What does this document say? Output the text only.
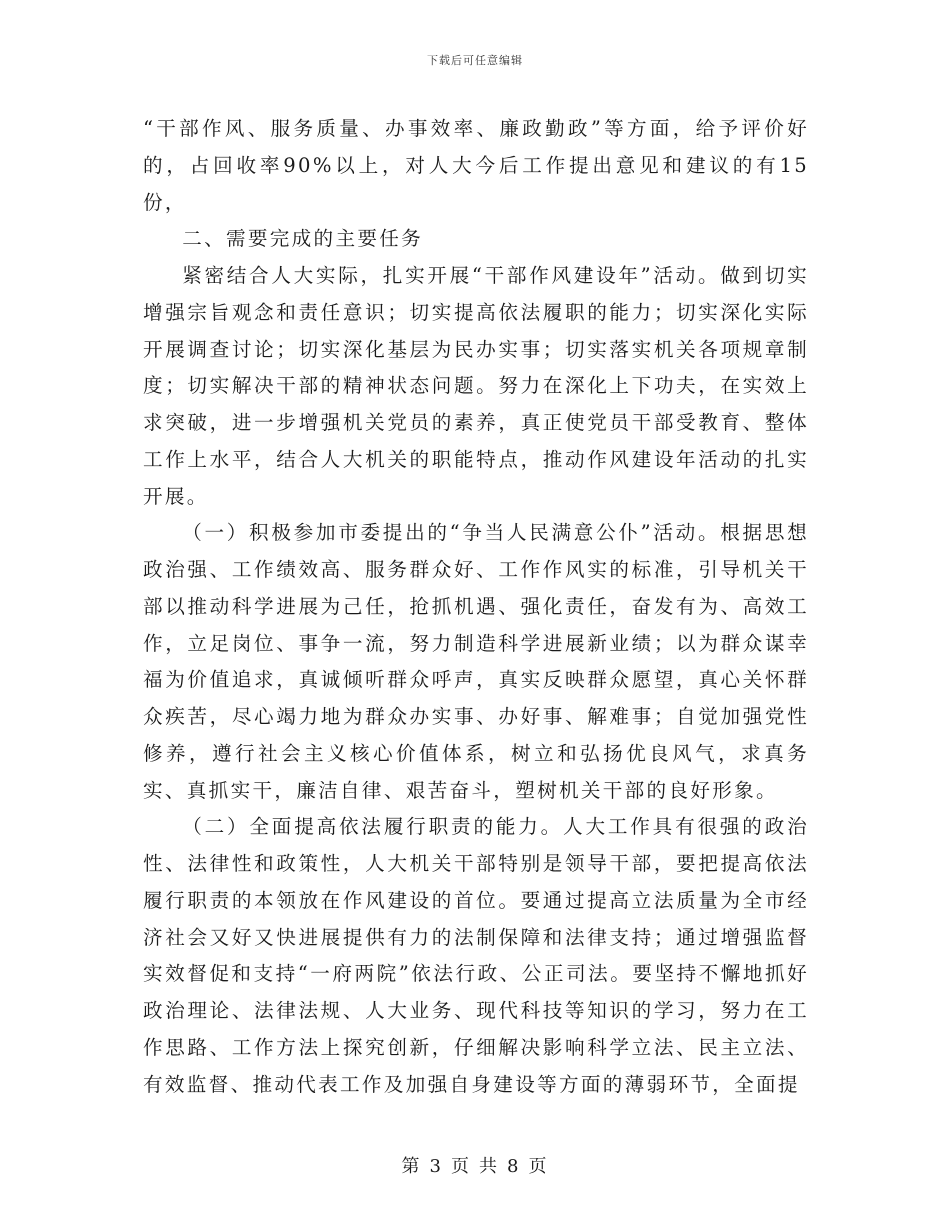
下载后可任意编辑

“干部作风、服务质量、办事效率、廉政勤政”等方面，给予评价好的，占回收率90%以上，对人大今后工作提出意见和建议的有15份，

二、需要完成的主要任务

紧密结合人大实际，扎实开展“干部作风建设年”活动。做到切实增强宗旨观念和责任意识；切实提高依法履职的能力；切实深化实际开展调查讨论；切实深化基层为民办实事；切实落实机关各项规章制度；切实解决干部的精神状态问题。努力在深化上下功夫，在实效上求突破，进一步增强机关党员的素养，真正使党员干部受教育、整体工作上水平，结合人大机关的职能特点，推动作风建设年活动的扎实开展。

（一）积极参加市委提出的“争当人民满意公仆”活动。根据思想政治强、工作绩效高、服务群众好、工作作风实的标准，引导机关干部以推动科学进展为己任，抢抓机遇、强化责任，奋发有为、高效工作，立足岗位、事争一流，努力制造科学进展新业绩；以为群众谋幸福为价值追求，真诚倾听群众呼声，真实反映群众愿望，真心关怀群众疾苦，尽心竭力地为群众办实事、办好事、解难事；自觉加强党性修养，遵行社会主义核心价值体系，树立和弘扬优良风气，求真务实、真抓实干，廉洁自律、艰苦奋斗，塑树机关干部的良好形象。

（二）全面提高依法履行职责的能力。人大工作具有很强的政治性、法律性和政策性，人大机关干部特别是领导干部，要把提高依法履行职责的本领放在作风建设的首位。要通过提高立法质量为全市经济社会又好又快进展提供有力的法制保障和法律支持；通过增强监督实效督促和支持“一府两院”依法行政、公正司法。要坚持不懈地抓好政治理论、法律法规、人大业务、现代科技等知识的学习，努力在工作思路、工作方法上探究创新，仔细解决影响科学立法、民主立法、有效监督、推动代表工作及加强自身建设等方面的薄弱环节，全面提

第 3 页 共 8 页
